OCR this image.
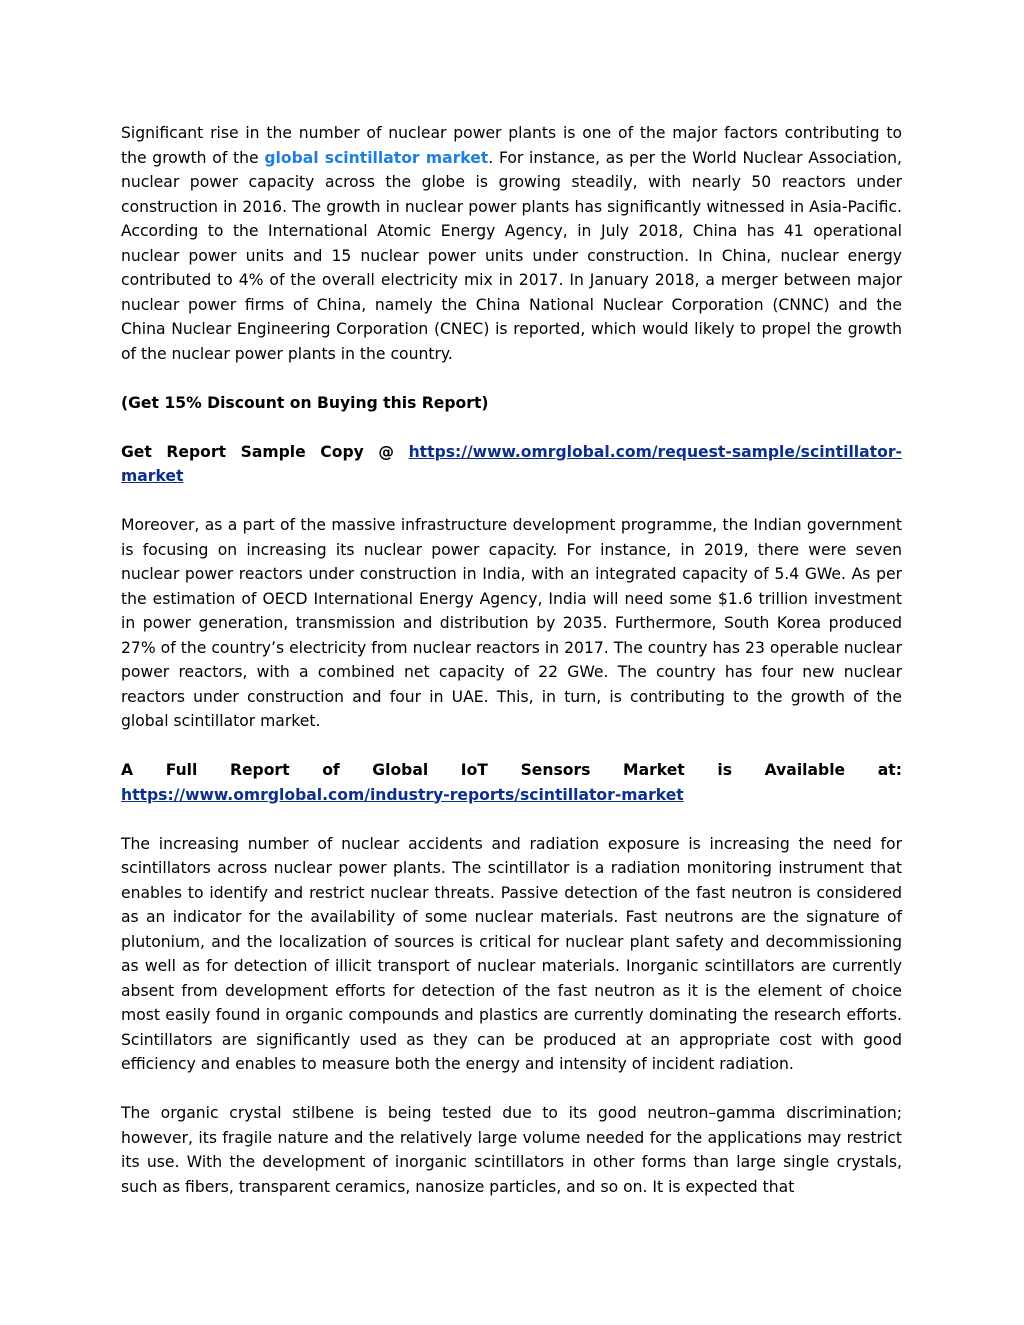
Significant rise in the number of nuclear power plants is one of the major factors contributing to the growth of the global scintillator market. For instance, as per the World Nuclear Association, nuclear power capacity across the globe is growing steadily, with nearly 50 reactors under construction in 2016. The growth in nuclear power plants has significantly witnessed in Asia-Pacific. According to the International Atomic Energy Agency, in July 2018, China has 41 operational nuclear power units and 15 nuclear power units under construction. In China, nuclear energy contributed to 4% of the overall electricity mix in 2017. In January 2018, a merger between major nuclear power firms of China, namely the China National Nuclear Corporation (CNNC) and the China Nuclear Engineering Corporation (CNEC) is reported, which would likely to propel the growth of the nuclear power plants in the country.

(Get 15% Discount on Buying this Report)

Get Report Sample Copy @ https://www.omrglobal.com/request-sample/scintillator-market

Moreover, as a part of the massive infrastructure development programme, the Indian government is focusing on increasing its nuclear power capacity. For instance, in 2019, there were seven nuclear power reactors under construction in India, with an integrated capacity of 5.4 GWe. As per the estimation of OECD International Energy Agency, India will need some $1.6 trillion investment in power generation, transmission and distribution by 2035. Furthermore, South Korea produced 27% of the country’s electricity from nuclear reactors in 2017. The country has 23 operable nuclear power reactors, with a combined net capacity of 22 GWe. The country has four new nuclear reactors under construction and four in UAE. This, in turn, is contributing to the growth of the global scintillator market.

A Full Report of Global IoT Sensors Market is Available at:
https://www.omrglobal.com/industry-reports/scintillator-market

The increasing number of nuclear accidents and radiation exposure is increasing the need for scintillators across nuclear power plants. The scintillator is a radiation monitoring instrument that enables to identify and restrict nuclear threats. Passive detection of the fast neutron is considered as an indicator for the availability of some nuclear materials. Fast neutrons are the signature of plutonium, and the localization of sources is critical for nuclear plant safety and decommissioning as well as for detection of illicit transport of nuclear materials. Inorganic scintillators are currently absent from development efforts for detection of the fast neutron as it is the element of choice most easily found in organic compounds and plastics are currently dominating the research efforts. Scintillators are significantly used as they can be produced at an appropriate cost with good efficiency and enables to measure both the energy and intensity of incident radiation.

The organic crystal stilbene is being tested due to its good neutron–gamma discrimination; however, its fragile nature and the relatively large volume needed for the applications may restrict its use. With the development of inorganic scintillators in other forms than large single crystals, such as fibers, transparent ceramics, nanosize particles, and so on. It is expected that
